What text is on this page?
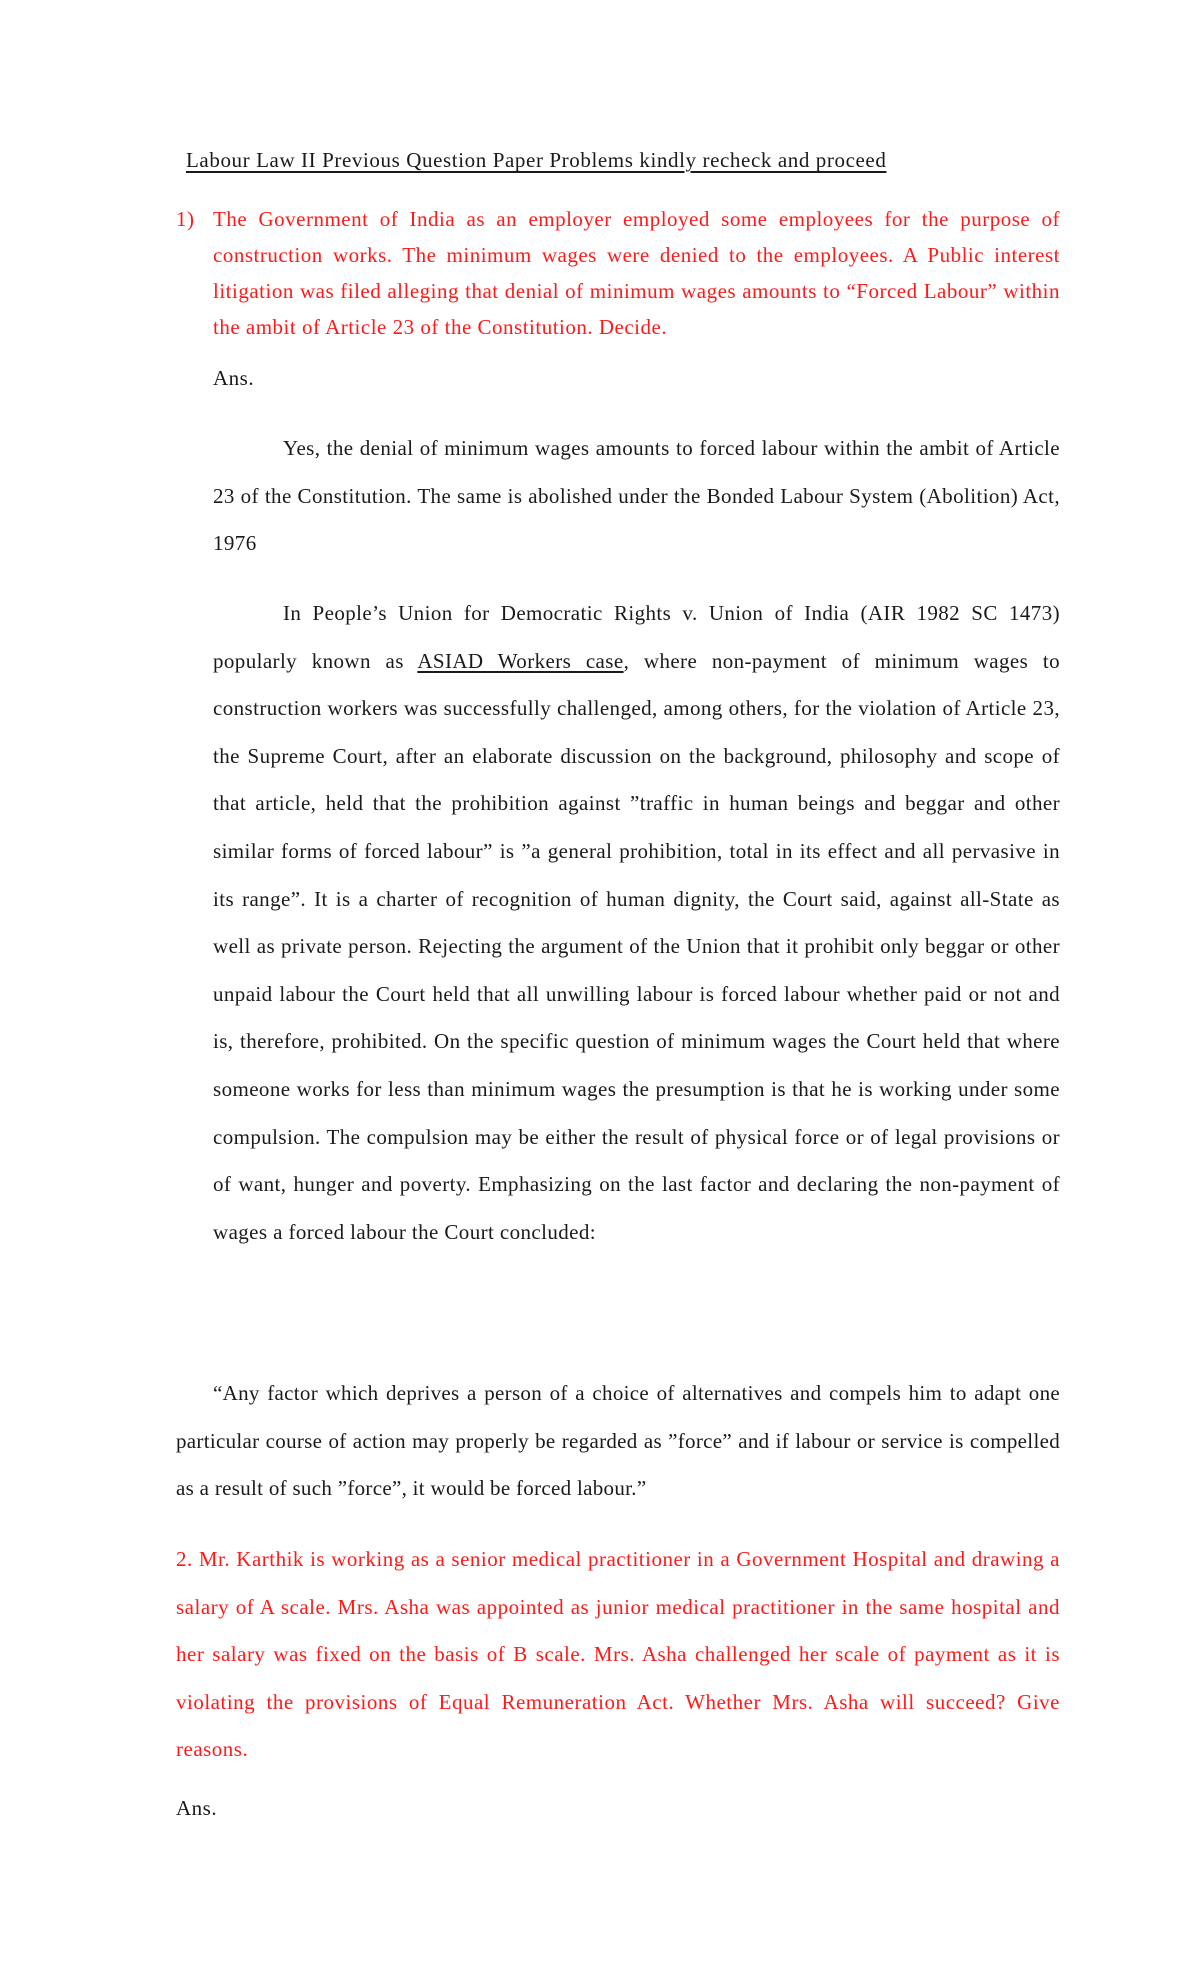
Labour Law II Previous Question Paper Problems kindly recheck and proceed
1) The Government of India as an employer employed some employees for the purpose of construction works. The minimum wages were denied to the employees. A Public interest litigation was filed alleging that denial of minimum wages amounts to “Forced Labour” within the ambit of Article 23 of the Constitution. Decide.
Ans.
Yes, the denial of minimum wages amounts to forced labour within the ambit of Article 23 of the Constitution. The same is abolished under the Bonded Labour System (Abolition) Act, 1976
In People’s Union for Democratic Rights v. Union of India (AIR 1982 SC 1473) popularly known as ASIAD Workers case, where non-payment of minimum wages to construction workers was successfully challenged, among others, for the violation of Article 23, the Supreme Court, after an elaborate discussion on the background, philosophy and scope of that article, held that the prohibition against ”traffic in human beings and beggar and other similar forms of forced labour” is ”a general prohibition, total in its effect and all pervasive in its range”. It is a charter of recognition of human dignity, the Court said, against all-State as well as private person. Rejecting the argument of the Union that it prohibit only beggar or other unpaid labour the Court held that all unwilling labour is forced labour whether paid or not and is, therefore, prohibited. On the specific question of minimum wages the Court held that where someone works for less than minimum wages the presumption is that he is working under some compulsion. The compulsion may be either the result of physical force or of legal provisions or of want, hunger and poverty. Emphasizing on the last factor and declaring the non-payment of wages a forced labour the Court concluded:
“Any factor which deprives a person of a choice of alternatives and compels him to adapt one particular course of action may properly be regarded as ”force” and if labour or service is compelled as a result of such ”force”, it would be forced labour.”
2. Mr. Karthik is working as a senior medical practitioner in a Government Hospital and drawing a salary of A scale. Mrs. Asha was appointed as junior medical practitioner in the same hospital and her salary was fixed on the basis of B scale. Mrs. Asha challenged her scale of payment as it is violating the provisions of Equal Remuneration Act. Whether Mrs. Asha will succeed? Give reasons.
Ans.
